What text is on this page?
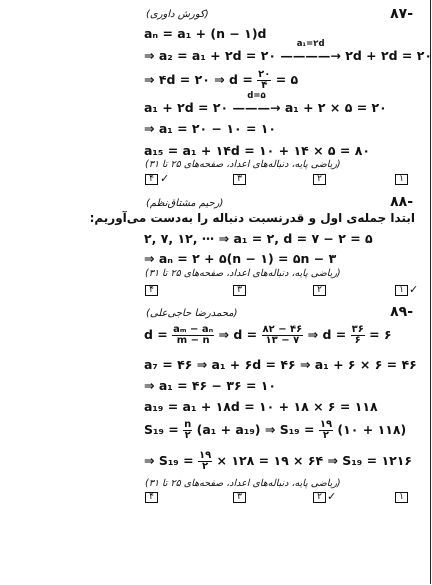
-۸۷
(کورش داوری)
aₙ = a₁ + (n − ۱)d
⇒ a₂ = a₁ + ۲d = ۲۰
a₁=۲d
————→ ۲d + ۲d = ۲۰
⇒ ۴d = ۲۰ ⇒ $d = \frac{۲۰}{۴}$ = ۵
a₁ + ۲d = ۲۰
d=۵
———→ a₁ + ۲ × ۵ = ۲۰
⇒ a₁ = ۲۰ − ۱۰ = ۱۰
a₁₅ = a₁ + ۱۴d = ۱۰ + ۱۴ × ۵ = ۸۰
(ریاضی پایه، دنباله‌های اعداد، صفحه‌های ۲۵ تا ۳۱)
۴ ✓	۳	۲	۱
-۸۸
(رحیم مشتاق‌نظم)
ابتدا جمله‌ی اول و قدرنسبت دنباله را به‌دست می‌آوریم:
۲, ۷, ۱۲, ⋯ ⇒ a₁ = ۲, d = ۷ − ۲ = ۵
⇒ aₙ = ۲ + ۵(n − ۱) = ۵n − ۳
(ریاضی پایه، دنباله‌های اعداد، صفحه‌های ۲۵ تا ۳۱)
۴	۳	۲	۱ ✓
-۸۹
(محمدرضا حاجی‌علی)
$d = \frac{\text{aₘ − aₙ}}{m - n}$ ⇒ $d = \frac{۸۲ - ۴۶}{۱۳ - ۷}$ ⇒ $d = \frac{۳۶}{۶}$ = ۶
a₇ = ۴۶ ⇒ a₁ + ۶d = ۴۶ ⇒ a₁ + ۶ × ۶ = ۴۶
⇒ a₁ = ۴۶ − ۳۶ = ۱۰
a₁₉ = a₁ + ۱۸d = ۱۰ + ۱۸ × ۶ = ۱۱۸
$S_{19} = \frac{n}{۲} (a_1 + a_{19})$ ⇒ $S_{19} = \frac{۱۹}{۲}$ (۱۰ + ۱۱۸)
⇒ $S_{19} = \frac{۱۹}{۲}$ × ۱۲۸ = ۱۹ × ۶۴ ⇒ S₁₉ = ۱۲۱۶
(ریاضی پایه، دنباله‌های اعداد، صفحه‌های ۲۵ تا ۳۱)
۴	۳	۲ ✓	۱
